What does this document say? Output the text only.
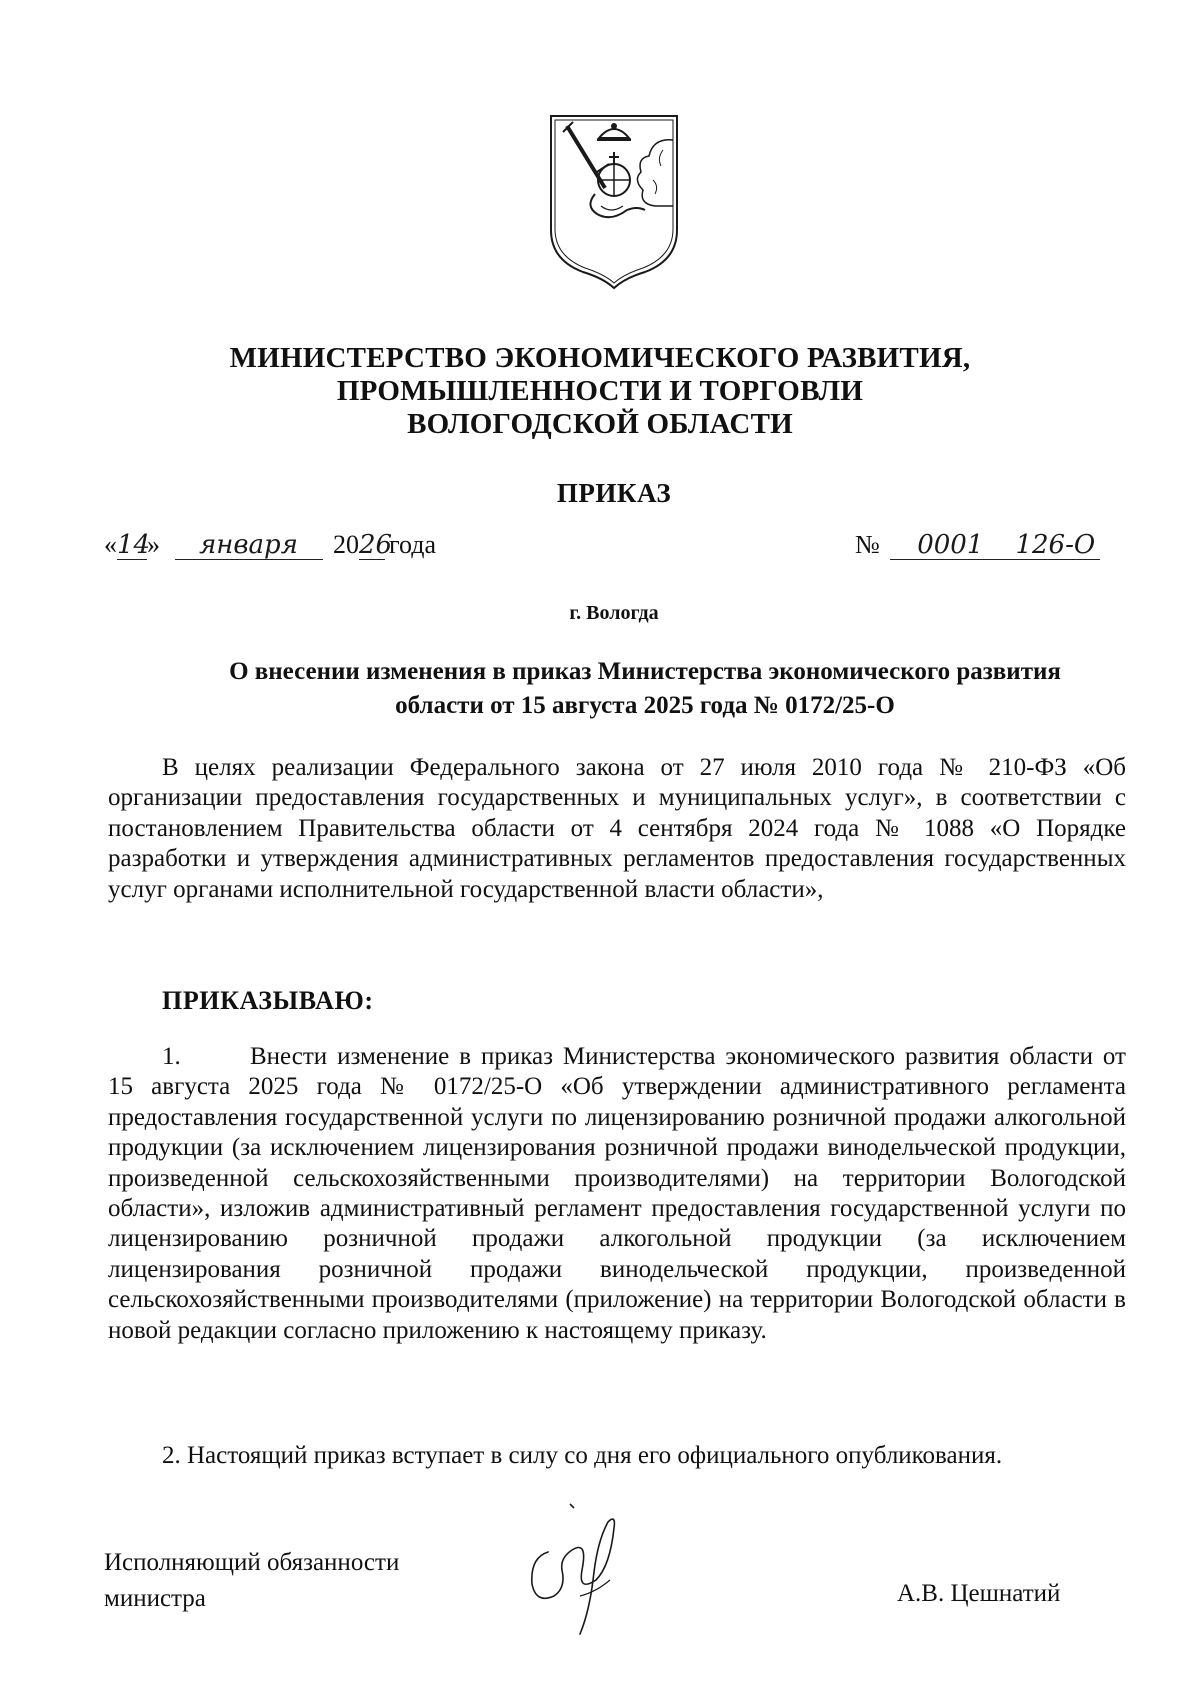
МИНИСТЕРСТВО ЭКОНОМИЧЕСКОГО РАЗВИТИЯ,
ПРОМЫШЛЕННОСТИ И ТОРГОВЛИ
ВОЛОГОДСКОЙ ОБЛАСТИ
ПРИКАЗ
«14» января 2026года	№ 0001 126-О
г. Вологда
О внесении изменения в приказ Министерства экономического развития
области от 15 августа 2025 года № 0172/25-О
В целях реализации Федерального закона от 27 июля 2010 года № 210-ФЗ «Об организации предоставления государственных и муниципальных услуг», в соответствии с постановлением Правительства области от 4 сентября 2024 года № 1088 «О Порядке разработки и утверждения административных регламентов предоставления государственных услуг органами исполнительной государственной власти области»,
ПРИКАЗЫВАЮ:
1.	Внести изменение в приказ Министерства экономического развития области от 15 августа 2025 года № 0172/25-О «Об утверждении административного регламента предоставления государственной услуги по лицензированию розничной продажи алкогольной продукции (за исключением лицензирования розничной продажи винодельческой продукции, произведенной сельскохозяйственными производителями) на территории Вологодской области», изложив административный регламент предоставления государственной услуги по лицензированию розничной продажи алкогольной продукции (за исключением лицензирования розничной продажи винодельческой продукции, произведенной сельскохозяйственными производителями (приложение) на территории Вологодской области в новой редакции согласно приложению к настоящему приказу.
2. Настоящий приказ вступает в силу со дня его официального опубликования.
Исполняющий обязанности
министра	А.В. Цешнатий
